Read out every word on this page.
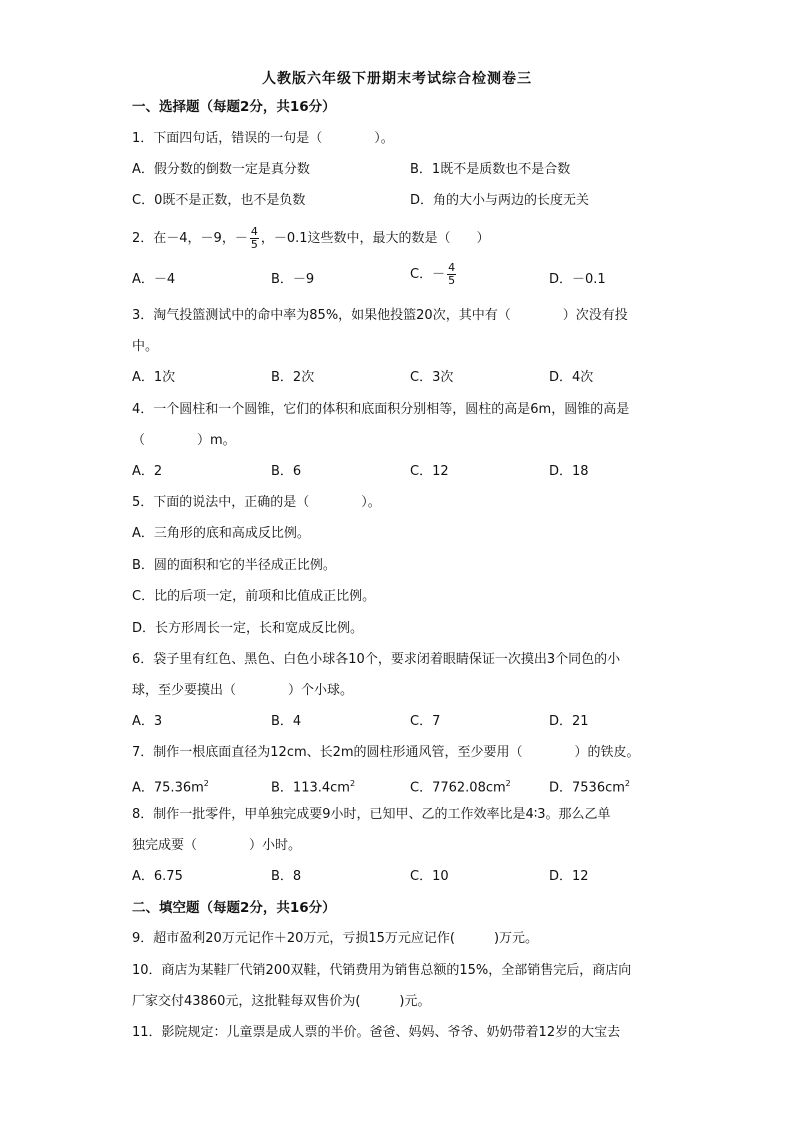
人教版六年级下册期末考试综合检测卷三
一、选择题（每题2分，共16分）
1．下面四句话，错误的一句是（　　　　）。
A．假分数的倒数一定是真分数	B．1既不是质数也不是合数
C．0既不是正数，也不是负数	D．角的大小与两边的长度无关
2．在－4，－9，－ $\frac{4}{5}$ ，－0.1这些数中，最大的数是（　　）
A．－4	B．－9	C．－ $\frac{4}{5}$	D．－0.1
3．淘气投篮测试中的命中率为85%，如果他投篮20次，其中有（　　　　）次没有投
中。
A．1次	B．2次	C．3次	D．4次
4．一个圆柱和一个圆锥，它们的体积和底面积分别相等，圆柱的高是6m，圆锥的高是
（　　　　）m。
A．2	B．6	C．12	D．18
5．下面的说法中，正确的是（　　　　）。
A．三角形的底和高成反比例。
B．圆的面积和它的半径成正比例。
C．比的后项一定，前项和比值成正比例。
D．长方形周长一定，长和宽成反比例。
6．袋子里有红色、黑色、白色小球各10个，要求闭着眼睛保证一次摸出3个同色的小
球，至少要摸出（　　　　）个小球。
A．3	B．4	C．7	D．21
7．制作一根底面直径为12cm、长2m的圆柱形通风管，至少要用（　　　　）的铁皮。
A．$75.36m^2$	B．$113.4cm^2$	C．$7762.08cm^2$	D．$7536cm^2$
8．制作一批零件，甲单独完成要9小时，已知甲、乙的工作效率比是4∶3。那么乙单
独完成要（　　　　）小时。
A．6.75	B．8	C．10	D．12
二、填空题（每题2分，共16分）
9．超市盈利20万元记作＋20万元，亏损15万元应记作(　　　)万元。
10．商店为某鞋厂代销200双鞋，代销费用为销售总额的15%，全部销售完后，商店向
厂家交付43860元，这批鞋每双售价为(　　　)元。
11．影院规定：儿童票是成人票的半价。爸爸、妈妈、爷爷、奶奶带着12岁的大宝去
